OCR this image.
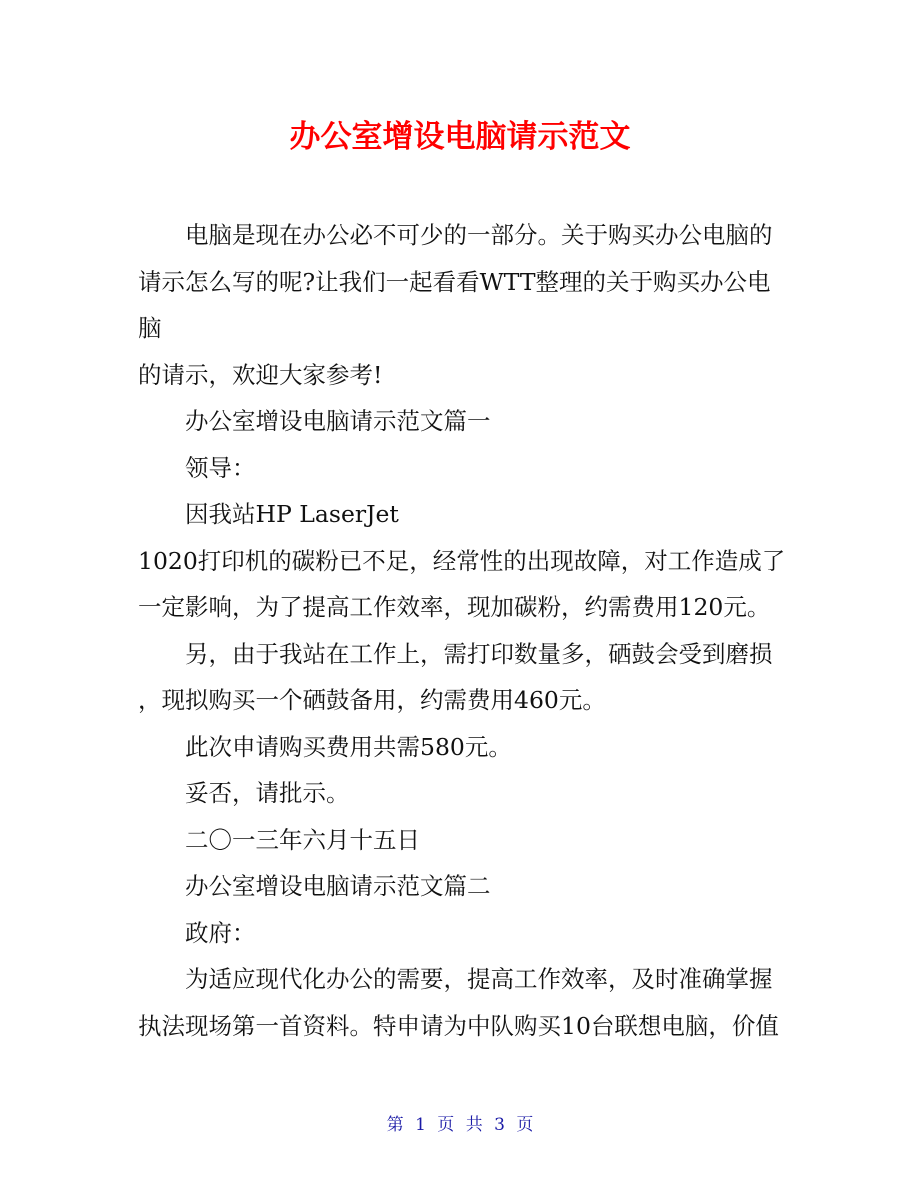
办公室增设电脑请示范文

　　电脑是现在办公必不可少的一部分。关于购买办公电脑的
请示怎么写的呢?让我们一起看看WTT整理的关于购买办公电脑
的请示，欢迎大家参考!

　　办公室增设电脑请示范文篇一

　　领导：

　　因我站HP LaserJet
1020打印机的碳粉已不足，经常性的出现故障，对工作造成了
一定影响，为了提高工作效率，现加碳粉，约需费用120元。

　　另，由于我站在工作上，需打印数量多，硒鼓会受到磨损
，现拟购买一个硒鼓备用，约需费用460元。

　　此次申请购买费用共需580元。

　　妥否，请批示。

　　二〇一三年六月十五日

　　办公室增设电脑请示范文篇二

　　政府：

　　为适应现代化办公的需要，提高工作效率，及时准确掌握
执法现场第一首资料。特申请为中队购买10台联想电脑，价值

第 1 页 共 3 页
